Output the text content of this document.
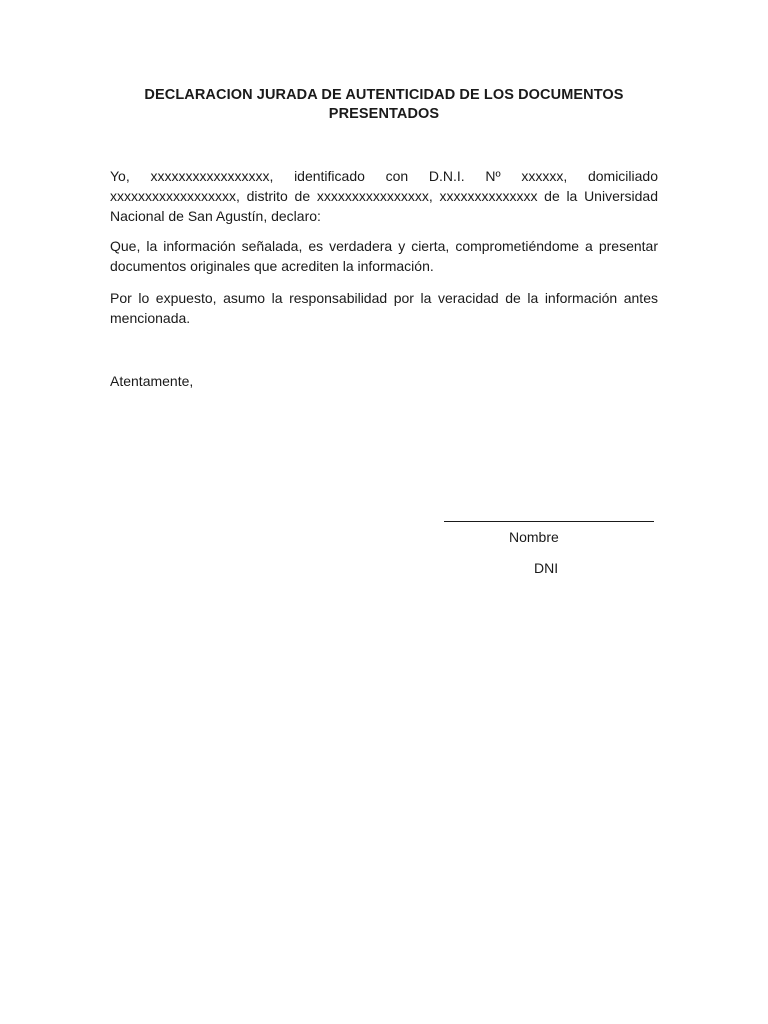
DECLARACION JURADA DE AUTENTICIDAD DE LOS DOCUMENTOS PRESENTADOS

Yo, xxxxxxxxxxxxxxxxx, identificado con D.N.I. Nº xxxxxx, domiciliado xxxxxxxxxxxxxxxxxx, distrito de xxxxxxxxxxxxxxxx, xxxxxxxxxxxxxx de la Universidad Nacional de San Agustín, declaro:

Que, la información señalada, es verdadera y cierta, comprometiéndome a presentar documentos originales que acrediten la información.

Por lo expuesto, asumo la responsabilidad por la veracidad de la información antes mencionada.

Atentamente,

Nombre
DNI
